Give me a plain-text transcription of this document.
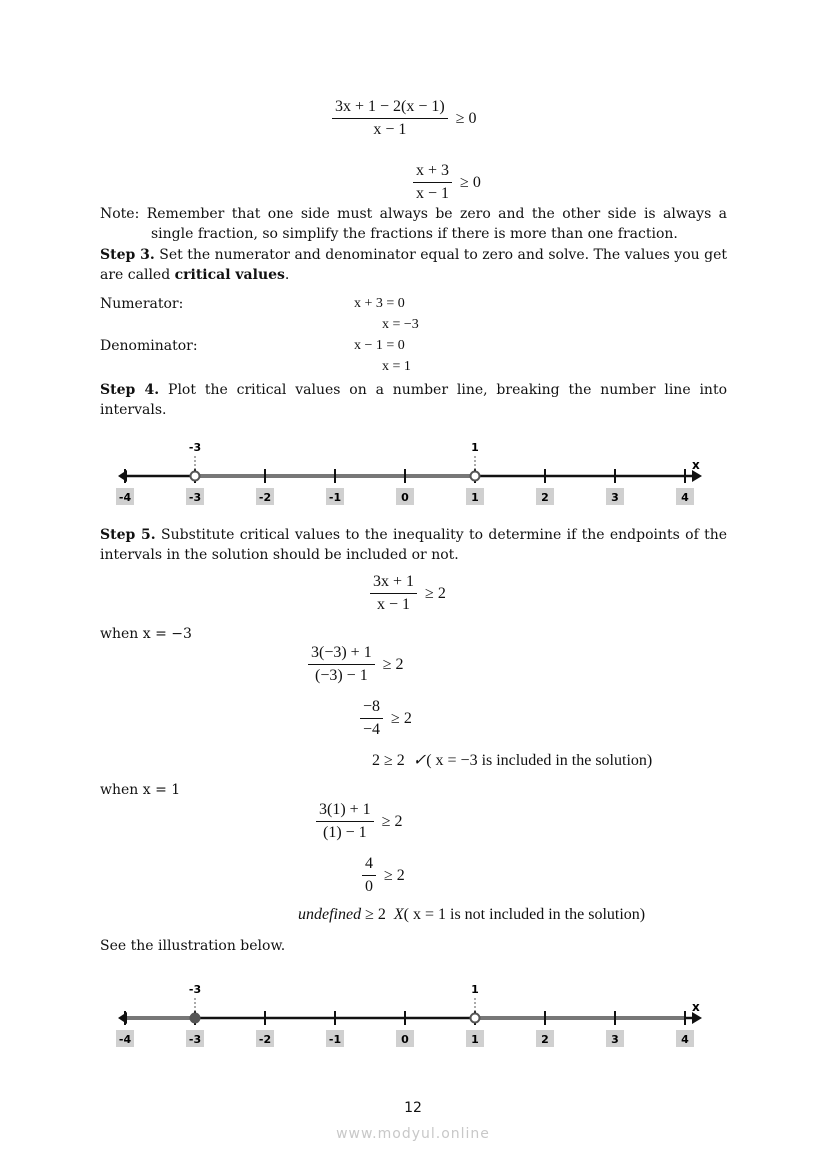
$\frac{3x + 1 - 2(x - 1)}{x - 1} \ge 0$
$\frac{x + 3}{x - 1} \ge 0$
Note: Remember that one side must always be zero and the other side is always a
single fraction, so simplify the fractions if there is more than one fraction.
Step 3. Set the numerator and denominator equal to zero and solve. The values you get are called critical values.
Numerator:	x + 3 = 0
x = −3
Denominator:	x − 1 = 0
x = 1
Step 4. Plot the critical values on a number line, breaking the number line into intervals.
x
-4	-3	-2	-1	0	1	2	3	4
-3	1
Step 5. Substitute critical values to the inequality to determine if the endpoints of the intervals in the solution should be included or not.
$\frac{3x + 1}{x - 1} \ge 2$
when x = −3
$\frac{3(-3) + 1}{(-3) - 1} \ge 2$
$\frac{-8}{-4} \ge 2$
2 ≥ 2 ✓( x = −3 is included in the solution)
when x = 1
$\frac{3(1) + 1}{(1) - 1} \ge 2$
$\frac{4}{0} \ge 2$
undefined ≥ 2 X( x = 1 is not included in the solution)
See the illustration below.
x
-4	-3	-2	-1	0	1	2	3	4
-3	1
12
www.modyul.online
